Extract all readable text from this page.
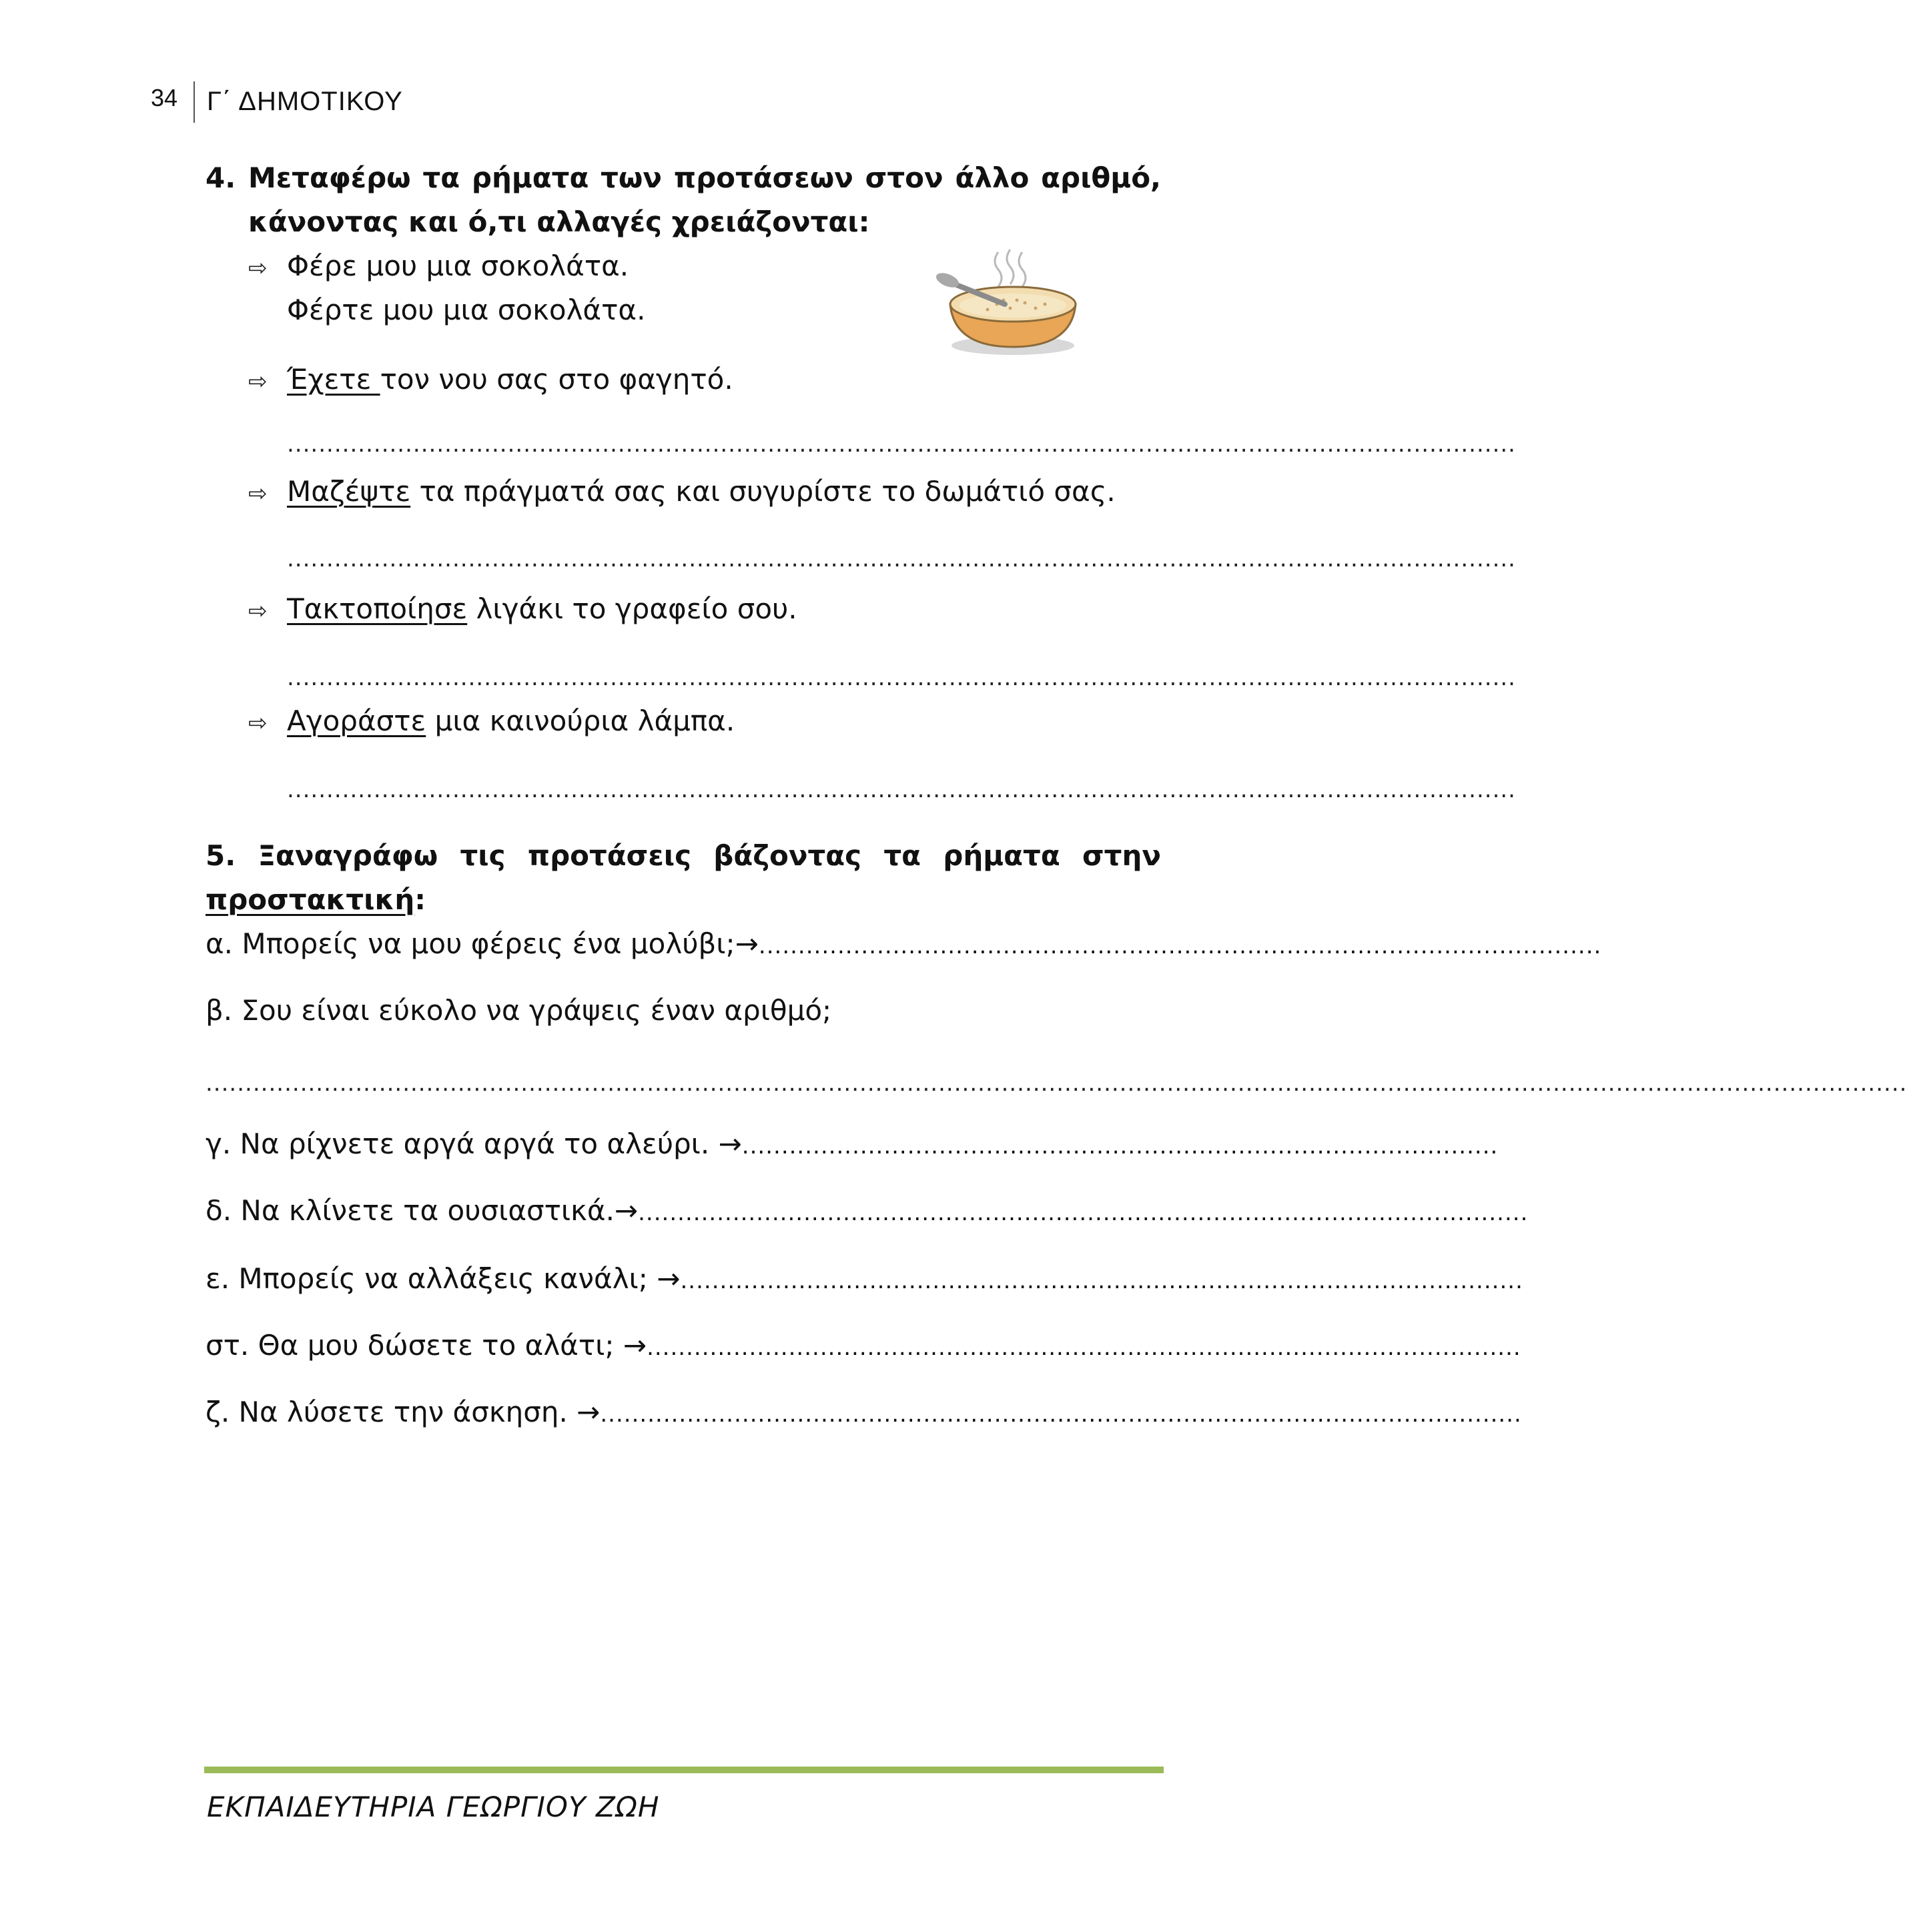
34 Γ΄ ΔΗΜΟΤΙΚΟΥ
4. Μεταφέρω τα ρήματα των προτάσεων στον άλλο αριθμό,
κάνοντας και ό,τι αλλαγές χρειάζονται:
⇨ Φέρε μου μια σοκολάτα.
Φέρτε μου μια σοκολάτα.
⇨ Έχετε τον νου σας στο φαγητό.
............................................................................................................................................................
⇨ Μαζέψτε τα πράγματά σας και συγυρίστε το δωμάτιό σας.
............................................................................................................................................................
⇨ Τακτοποίησε λιγάκι το γραφείο σου.
............................................................................................................................................................
⇨ Αγοράστε μια καινούρια λάμπα.
............................................................................................................................................................
5. Ξαναγράφω τις προτάσεις βάζοντας τα ρήματα στην
προστακτική:
α. Μπορείς να μου φέρεις ένα μολύβι;→...........................................................................................................
β. Σου είναι εύκολο να γράψεις έναν αριθμό;
........................................................................................................................................................................................................................
γ. Να ρίχνετε αργά αργά το αλεύρι. →................................................................................................
δ. Να κλίνετε τα ουσιαστικά.→.................................................................................................................
ε. Μπορείς να αλλάξεις κανάλι; →...........................................................................................................
στ. Θα μου δώσετε το αλάτι; →...............................................................................................................
ζ. Να λύσετε την άσκηση. →.....................................................................................................................
ΕΚΠΑΙΔΕΥΤΗΡΙΑ ΓΕΩΡΓΙΟΥ ΖΩΗ
